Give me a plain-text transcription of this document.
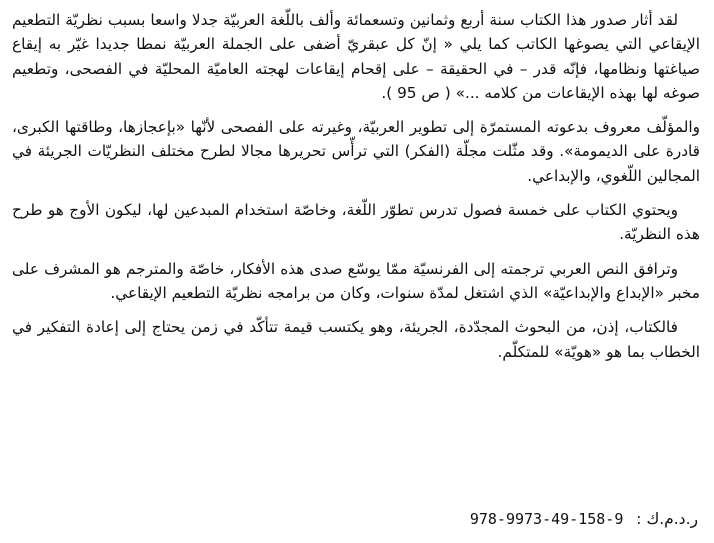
لقد أثار صدور هذا الكتاب سنة أربع وثمانين وتسعمائة وألف باللّغة العربيّة جدلا واسعا بسبب نظريّة التطعيم الإيقاعي التي يصوغها الكاتب كما يلي « إنّ كل عبقريّ أضفى على الجملة العربيّة نمطا جديدا غيّر به إيقاع صياغتها ونظامها، فإنّه قدر – في الحقيقة – على إقحام إيقاعات لهجته العاميّة المحليّة في الفصحى، وتطعيم صوغه لها بهذه الإيقاعات من كلامه ...» ( ص 95 ).

والمؤلّف معروف بدعوته المستمرّة إلى تطوير العربيّة، وغيرته على الفصحى لأنّها «بإعجازها، وطاقتها الكبرى، قادرة على الديمومة». وقد مثّلت مجلّة (الفكر) التي ترأّس تحريرها مجالا لطرح مختلف النظريّات الجريئة في المجالين اللّغوي، والإبداعي.

ويحتوي الكتاب على خمسة فصول تدرس تطوّر اللّغة، وخاصّة استخدام المبدعين لها، ليكون الأوج هو طرح هذه النظريّة.

وترافق النص العربي ترجمته إلى الفرنسيّة ممّا يوسّع صدى هذه الأفكار، خاصّة والمترجم هو المشرف على مخبر «الإبداع والإبداعيّة» الذي اشتغل لمدّة سنوات، وكان من برامجه نظريّة التطعيم الإيقاعي.

فالكتاب، إذن، من البحوث المجدّدة، الجريئة، وهو يكتسب قيمة تتأكّد في زمن يحتاج إلى إعادة التفكير في الخطاب بما هو «هويّة» للمتكلّم.

ر.د.م.ك : 978-9973-49-158-9
